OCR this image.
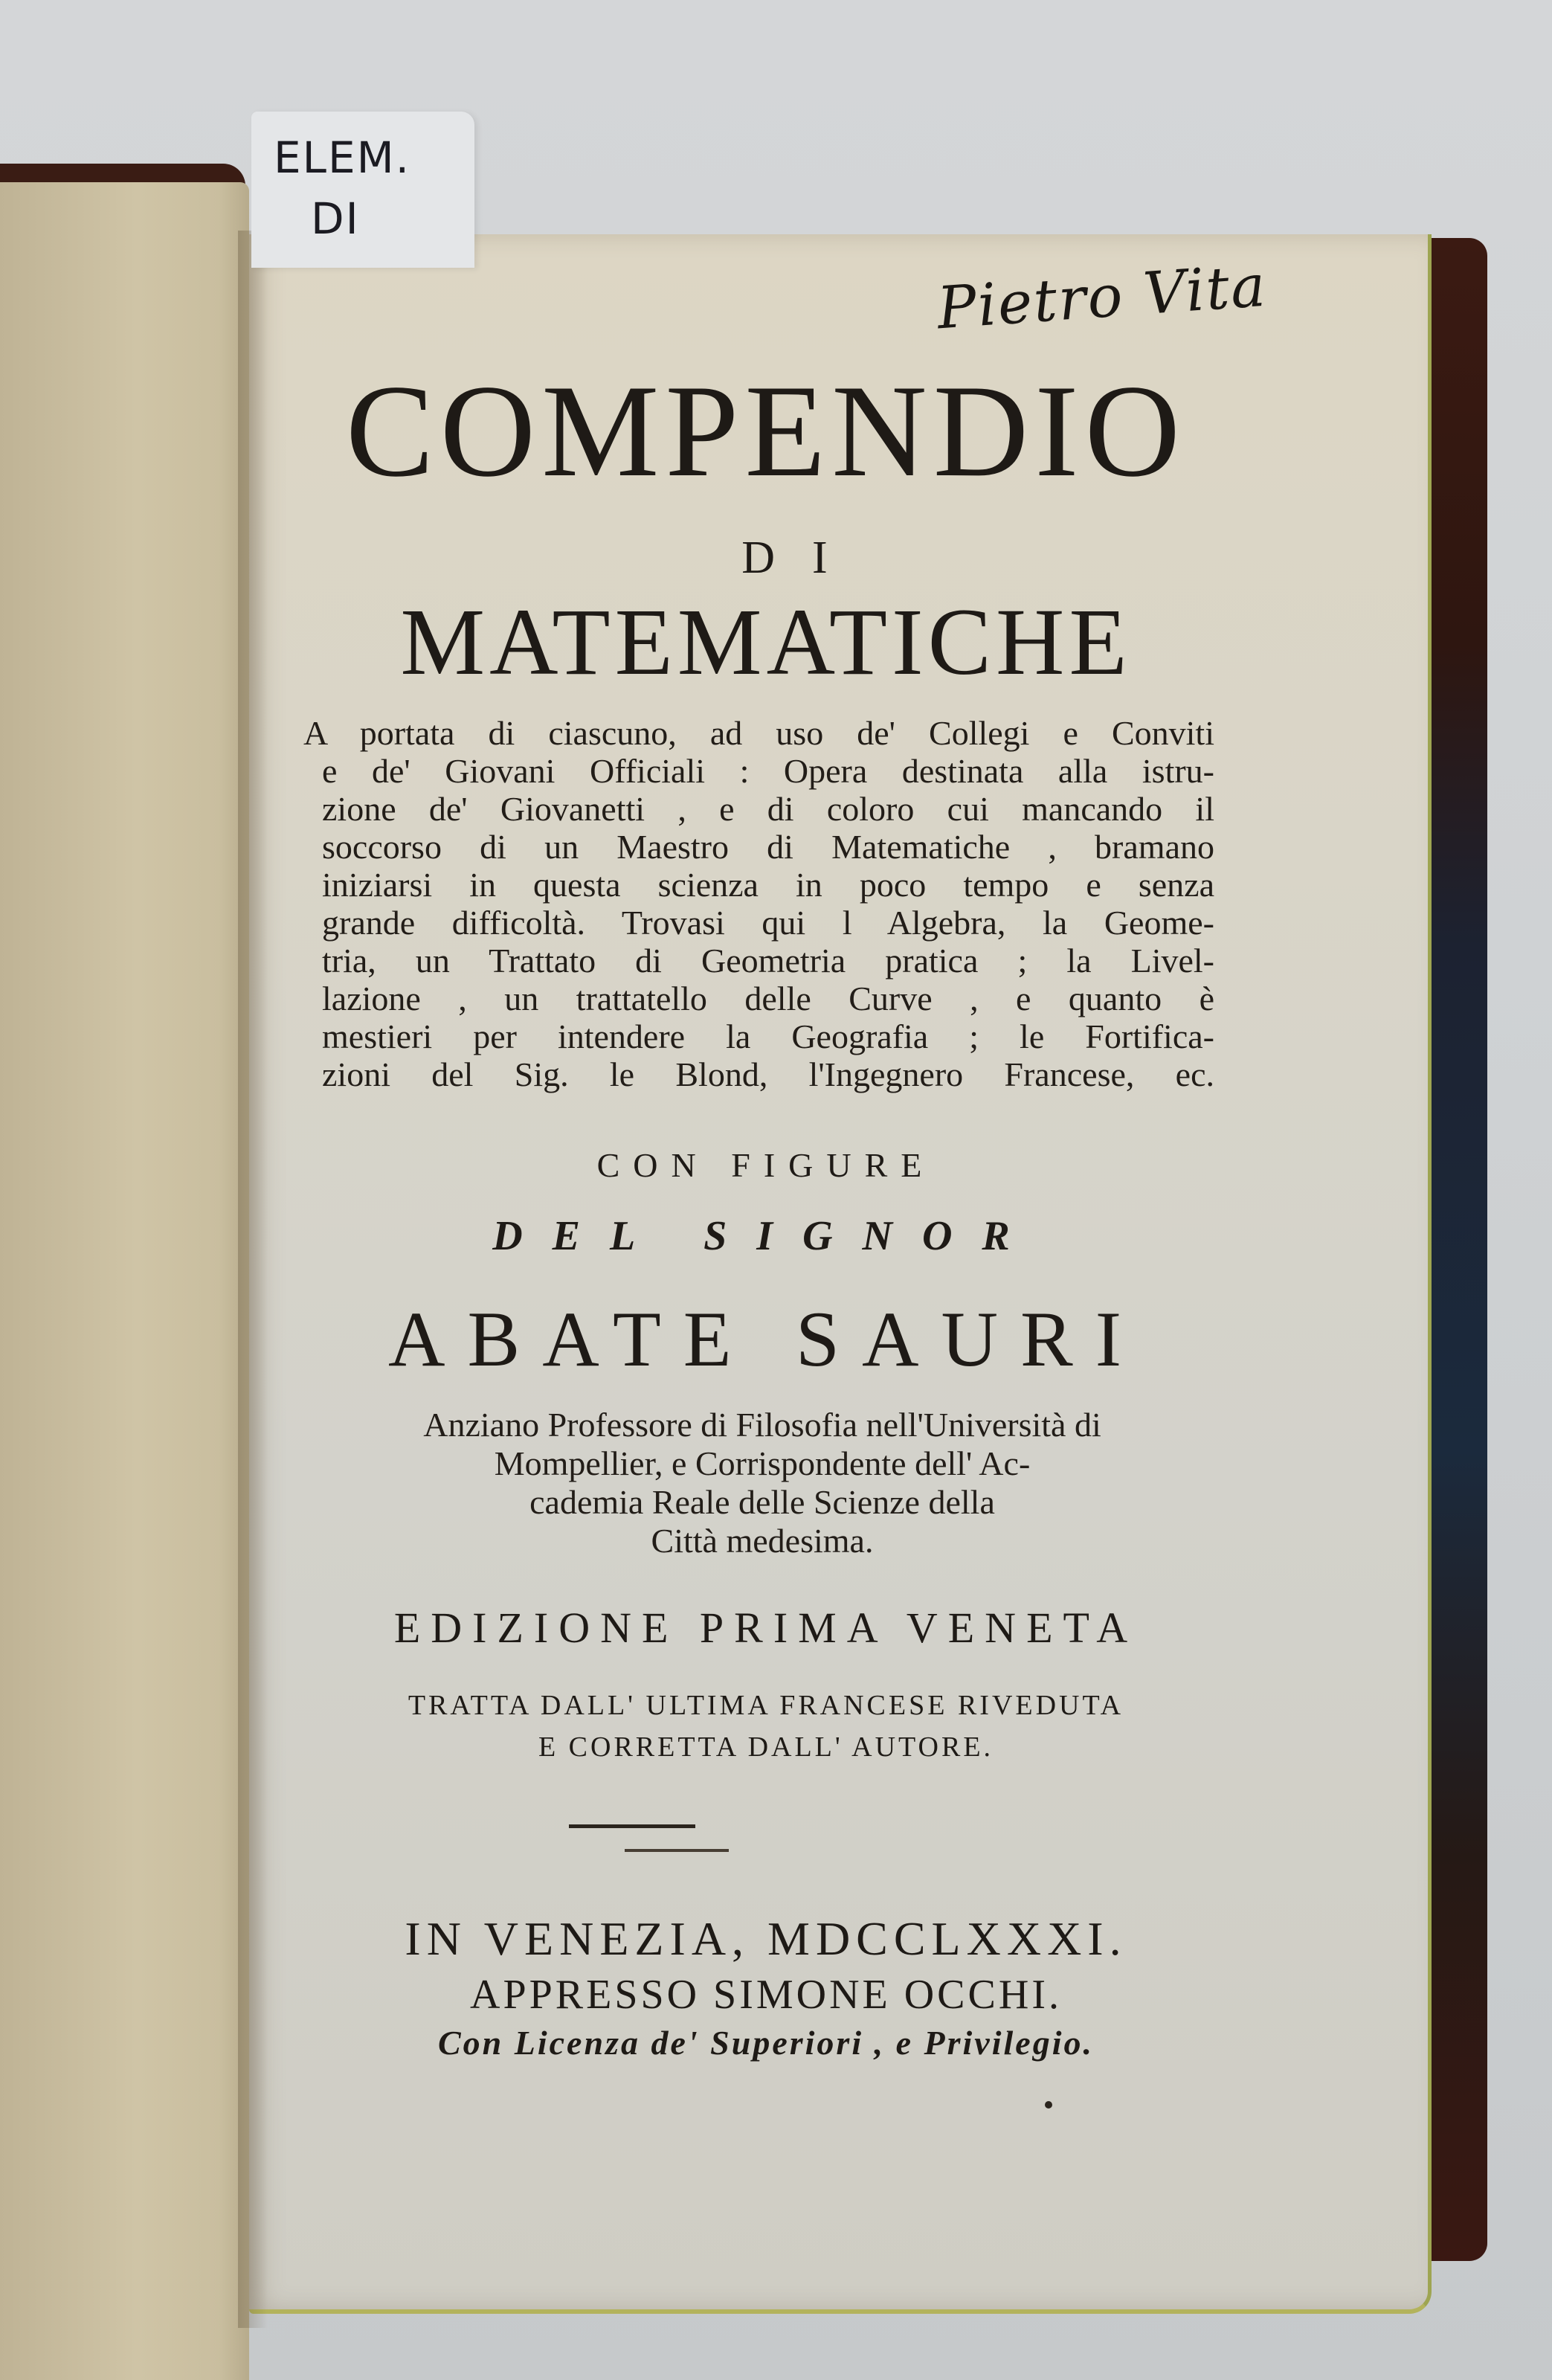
ELEM.
DI
Pietro Vita
COMPENDIO
DI
MATEMATICHE
A portata di ciascuno, ad uso de' Collegi e Conviti
e de' Giovani Officiali : Opera destinata alla istru-
zione de' Giovanetti , e di coloro cui mancando il
soccorso di un Maestro di Matematiche , bramano
iniziarsi in questa scienza in poco tempo e senza
grande difficoltà. Trovasi qui l Algebra, la Geome-
tria, un Trattato di Geometria pratica ; la Livel-
lazione , un trattatello delle Curve , e quanto è
mestieri per intendere la Geografia ; le Fortifica-
zioni del Sig. le Blond, l'Ingegnero Francese, ec.
CON FIGURE
DEL SIGNOR
ABATE SAURI
Anziano Professore di Filosofia nell'Università di
Mompellier, e Corrispondente dell' Ac-
cademia Reale delle Scienze della
Città medesima.
EDIZIONE PRIMA VENETA
TRATTA DALL' ULTIMA FRANCESE RIVEDUTA
E CORRETTA DALL' AUTORE.
IN VENEZIA, MDCCLXXXI.
APPRESSO SIMONE OCCHI.
Con Licenza de' Superiori , e Privilegio.
